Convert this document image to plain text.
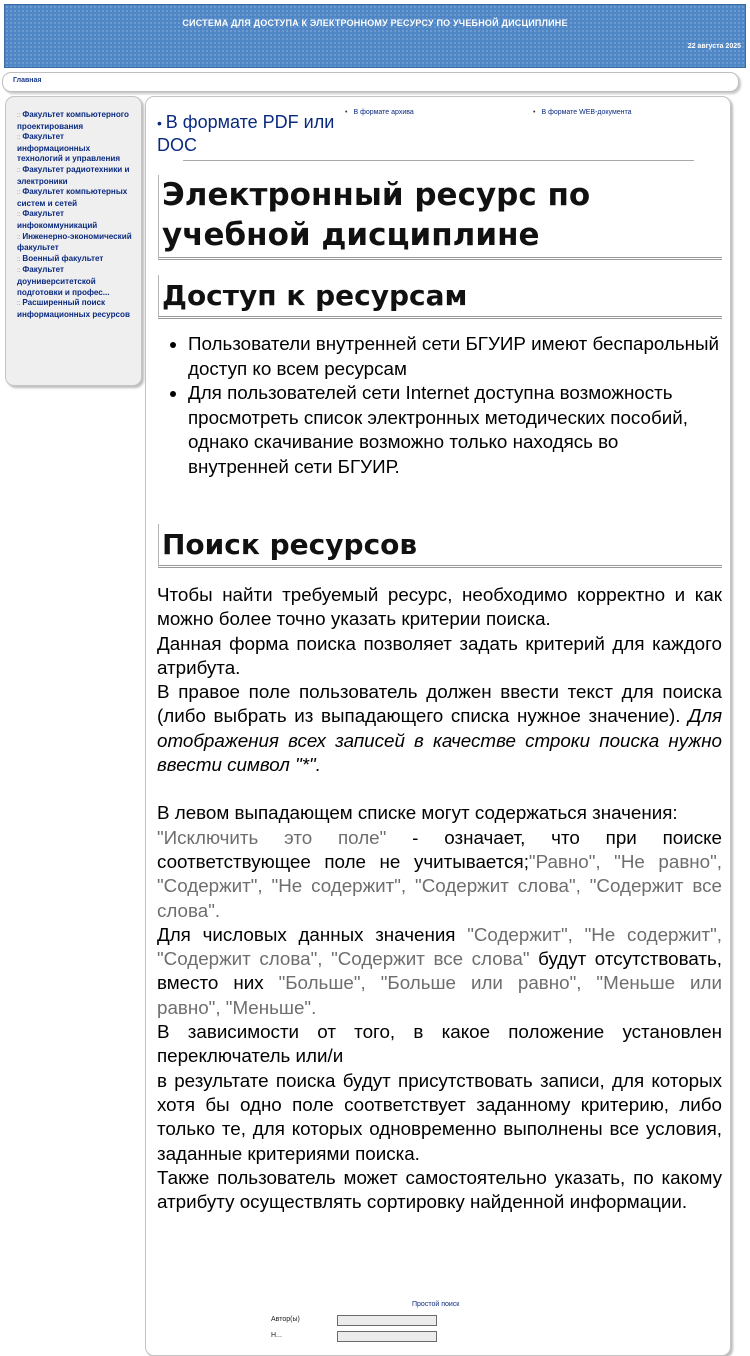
СИСТЕМА ДЛЯ ДОСТУПА К ЭЛЕКТРОННОМУ РЕСУРСУ ПО УЧЕБНОЙ ДИСЦИПЛИНЕ
22 августа 2025
Главная
:: Факультет компьютерного проектирования
:: Факультет информационных технологий и управления
:: Факультет радиотехники и электроники
:: Факультет компьютерных систем и сетей
:: Факультет инфокоммуникаций
:: Инженерно-экономический факультет
:: Военный факультет
:: Факультет доуниверситетской подготовки и профес...
:: Расширенный поиск информационных ресурсов
• В формате PDF или DOC
• В формате архива	• В формате WEB-документа
Электронный ресурс по учебной дисциплине
Доступ к ресурсам
• Пользователи внутренней сети БГУИР имеют беспарольный доступ ко всем ресурсам
• Для пользователей сети Internet доступна возможность просмотреть список электронных методических пособий, однако скачивание возможно только находясь во внутренней сети БГУИР.
Поиск ресурсов

Чтобы найти требуемый ресурс, необходимо корректно и как можно более точно указать критерии поиска.

Данная форма поиска позволяет задать критерий для каждого атрибута.

В правое поле пользователь должен ввести текст для поиска (либо выбрать из выпадающего списка нужное значение). Для отображения всех записей в качестве строки поиска нужно ввести символ "*".

В левом выпадающем списке могут содержаться значения:

"Исключить это поле" - означает, что при поиске соответствующее поле не учитывается;"Равно", "Не равно", "Содержит", "Не содержит", "Содержит слова", "Содержит все слова".

Для числовых данных значения "Содержит", "Не содержит", "Содержит слова", "Содержит все слова" будут отсутствовать, вместо них "Больше", "Больше или равно", "Меньше или равно", "Меньше".

В зависимости от того, в какое положение установлен переключатель или/и

в результате поиска будут присутствовать записи, для которых хотя бы одно поле соответствует заданному критерию, либо только те, для которых одновременно выполнены все условия, заданные критериями поиска.

Также пользователь может самостоятельно указать, по какому атрибуту осуществлять сортировку найденной информации.

Простой поиск
Автор(ы)
Н...
